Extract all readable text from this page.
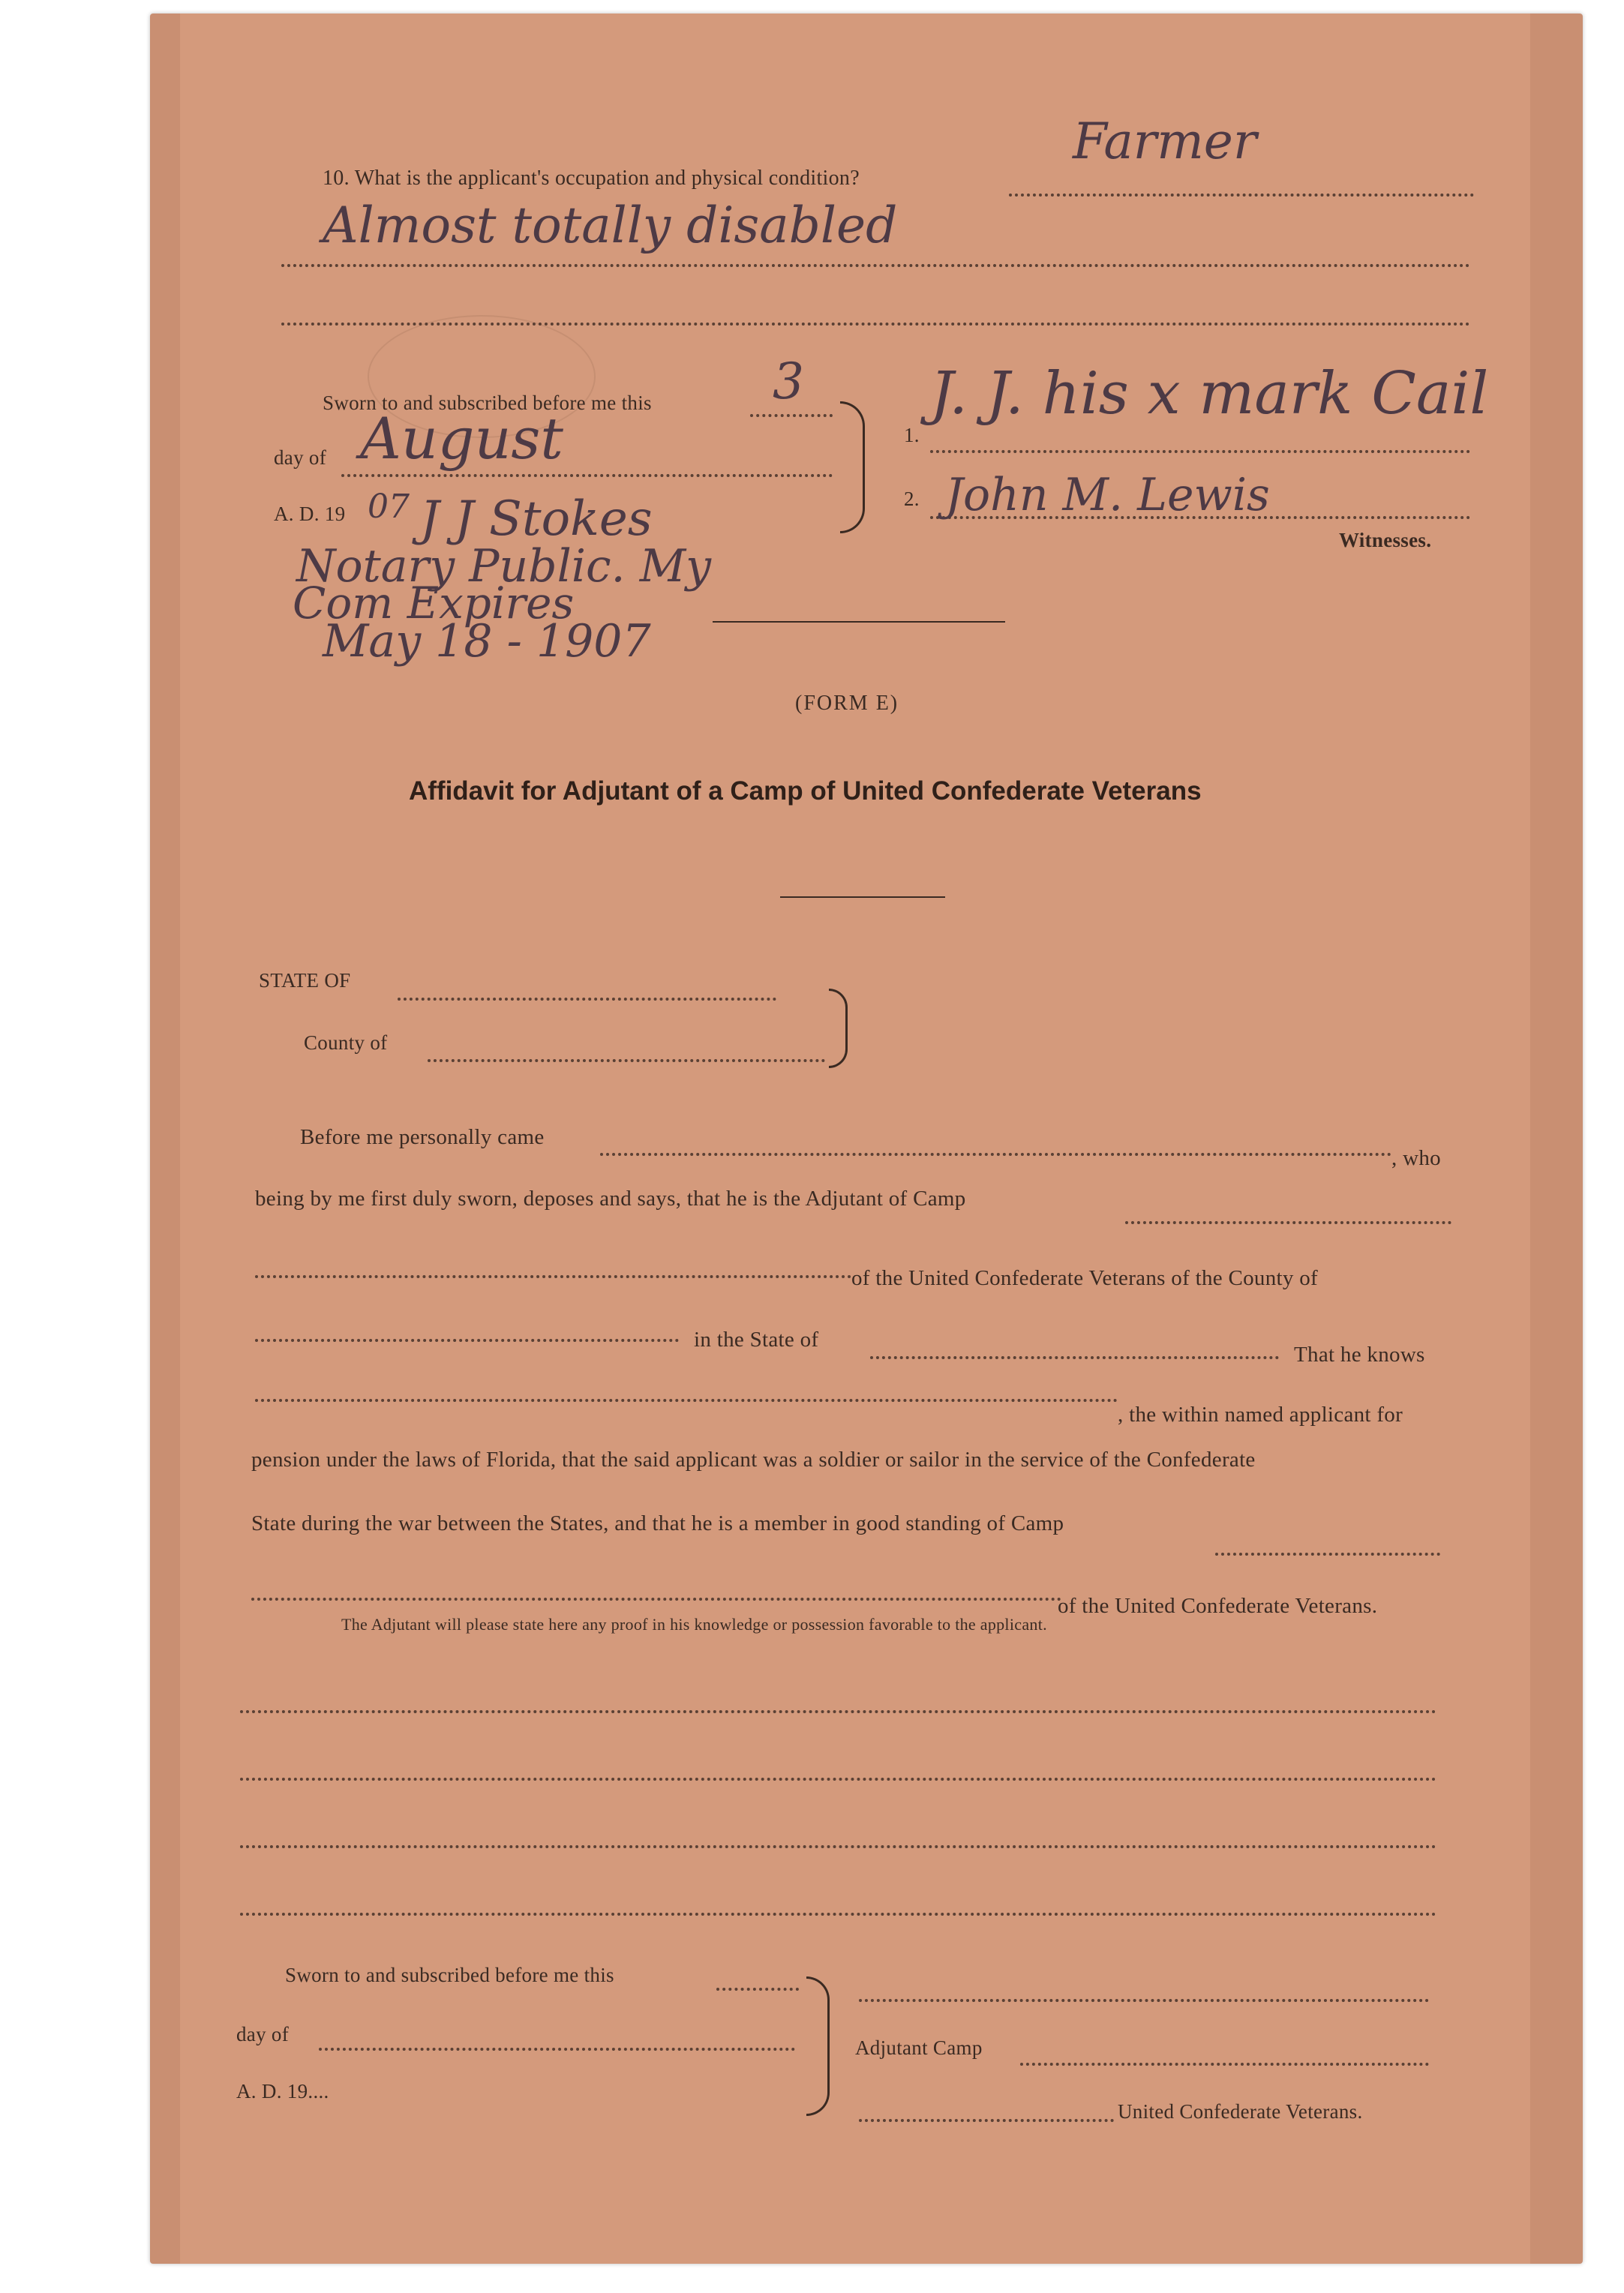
10. What is the applicant's occupation and physical condition?
Farmer
Almost totally disabled
Sworn to and subscribed before me this 3
day of August
A. D. 19 07 J J Stokes
Notary Public. My
Com Expires
May 18 - 1907
1.
J. J. his x mark Cail
2. John M. Lewis
Witnesses.
(FORM E)
Affidavit for Adjutant of a Camp of United Confederate Veterans
STATE OF
County of
Before me personally came
, who
being by me first duly sworn, deposes and says, that he is the Adjutant of Camp
of the United Confederate Veterans of the County of
in the State of
That he knows
, the within named applicant for
pension under the laws of Florida, that the said applicant was a soldier or sailor in the service of the Confederate
State during the war between the States, and that he is a member in good standing of Camp
of the United Confederate Veterans.
The Adjutant will please state here any proof in his knowledge or possession favorable to the applicant.
Sworn to and subscribed before me this
day of
A. D. 19....
Adjutant Camp
United Confederate Veterans.
